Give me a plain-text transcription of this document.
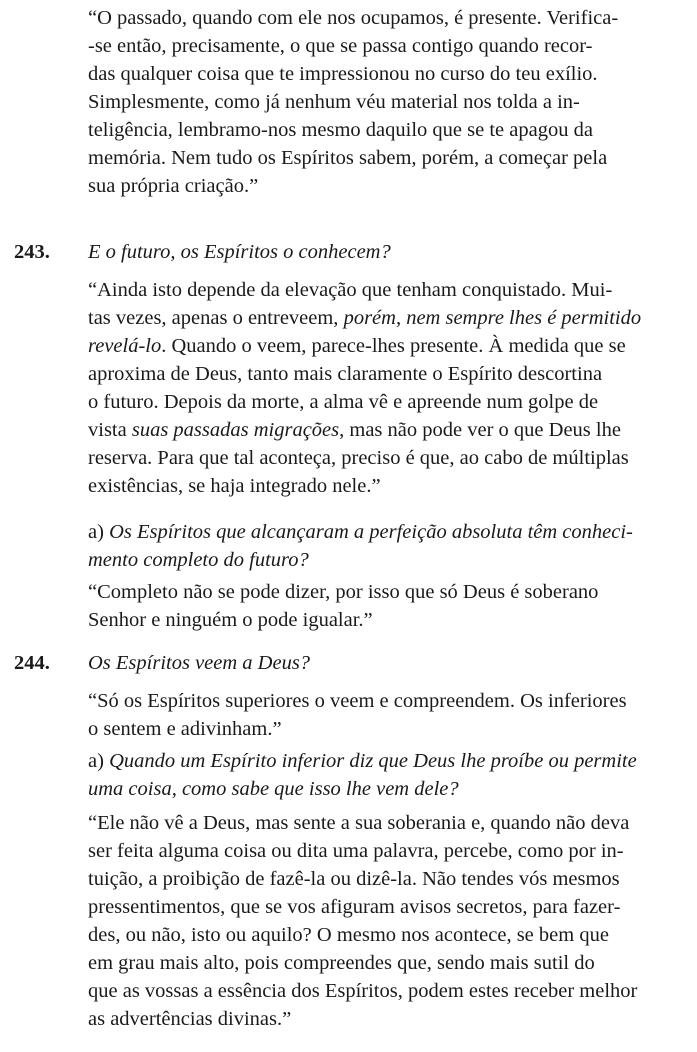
“O passado, quando com ele nos ocupamos, é presente. Verifica-

-se então, precisamente, o que se passa contigo quando recor-

das qualquer coisa que te impressionou no curso do teu exílio.

Simplesmente, como já nenhum véu material nos tolda a in-

teligência, lembramo-nos mesmo daquilo que se te apagou da

memória. Nem tudo os Espíritos sabem, porém, a começar pela

sua própria criação.”

243.	E o futuro, os Espíritos o conhecem?

“Ainda isto depende da elevação que tenham conquistado. Mui-

tas vezes, apenas o entreveem, porém, nem sempre lhes é permitido

revelá-lo. Quando o veem, parece-lhes presente. À medida que se

aproxima de Deus, tanto mais claramente o Espírito descortina

o futuro. Depois da morte, a alma vê e apreende num golpe de

vista suas passadas migrações, mas não pode ver o que Deus lhe

reserva. Para que tal aconteça, preciso é que, ao cabo de múltiplas

existências, se haja integrado nele.”

a) Os Espíritos que alcançaram a perfeição absoluta têm conheci-

mento completo do futuro?

“Completo não se pode dizer, por isso que só Deus é soberano

Senhor e ninguém o pode igualar.”

244.	Os Espíritos veem a Deus?

“Só os Espíritos superiores o veem e compreendem. Os inferiores

o sentem e adivinham.”

a) Quando um Espírito inferior diz que Deus lhe proíbe ou permite

uma coisa, como sabe que isso lhe vem dele?

“Ele não vê a Deus, mas sente a sua soberania e, quando não deva

ser feita alguma coisa ou dita uma palavra, percebe, como por in-

tuição, a proibição de fazê-la ou dizê-la. Não tendes vós mesmos

pressentimentos, que se vos afiguram avisos secretos, para fazer-

des, ou não, isto ou aquilo? O mesmo nos acontece, se bem que

em grau mais alto, pois compreendes que, sendo mais sutil do

que as vossas a essência dos Espíritos, podem estes receber melhor

as advertências divinas.”
